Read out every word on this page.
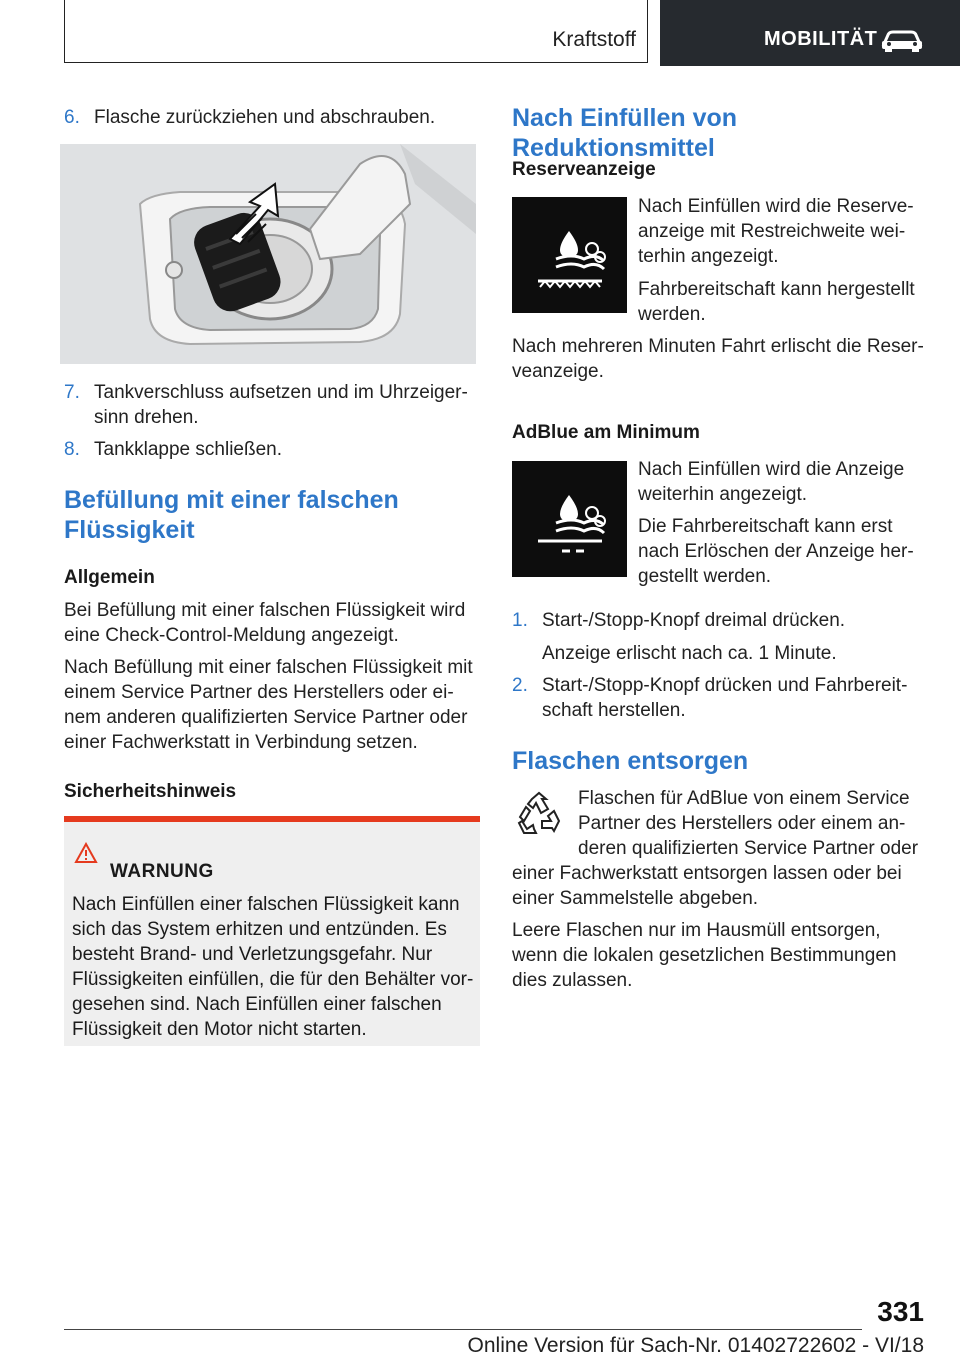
Kraftstoff	MOBILITÄT
6. Flasche zurückziehen und abschrauben.
7. Tankverschluss aufsetzen und im Uhrzeiger-
sinn drehen.
8. Tankklappe schließen.
Befüllung mit einer falschen
Flüssigkeit
Allgemein

Bei Befüllung mit einer falschen Flüssigkeit wird
eine Check-Control-Meldung angezeigt.

Nach Befüllung mit einer falschen Flüssigkeit mit
einem Service Partner des Herstellers oder ei-
nem anderen qualifizierten Service Partner oder
einer Fachwerkstatt in Verbindung setzen.

Sicherheitshinweis
WARNUNG
Nach Einfüllen einer falschen Flüssigkeit kann
sich das System erhitzen und entzünden. Es
besteht Brand- und Verletzungsgefahr. Nur
Flüssigkeiten einfüllen, die für den Behälter vor-
gesehen sind. Nach Einfüllen einer falschen
Flüssigkeit den Motor nicht starten.
Nach Einfüllen von Reduktionsmittel
Reserveanzeige

Nach Einfüllen wird die Reserve-
anzeige mit Restreichweite wei-
terhin angezeigt.

Fahrbereitschaft kann hergestellt
werden.

Nach mehreren Minuten Fahrt erlischt die Reser-
veanzeige.

AdBlue am Minimum

Nach Einfüllen wird die Anzeige
weiterhin angezeigt.

Die Fahrbereitschaft kann erst
nach Erlöschen der Anzeige her-
gestellt werden.

1. Start-/Stopp-Knopf dreimal drücken.
Anzeige erlischt nach ca. 1 Minute.
2. Start-/Stopp-Knopf drücken und Fahrbereit-
schaft herstellen.
Flaschen entsorgen

Flaschen für AdBlue von einem Service
Partner des Herstellers oder einem an-
deren qualifizierten Service Partner oder

einer Fachwerkstatt entsorgen lassen oder bei
einer Sammelstelle abgeben.

Leere Flaschen nur im Hausmüll entsorgen,
wenn die lokalen gesetzlichen Bestimmungen
dies zulassen.

331
Online Version für Sach-Nr. 01402722602 - VI/18
